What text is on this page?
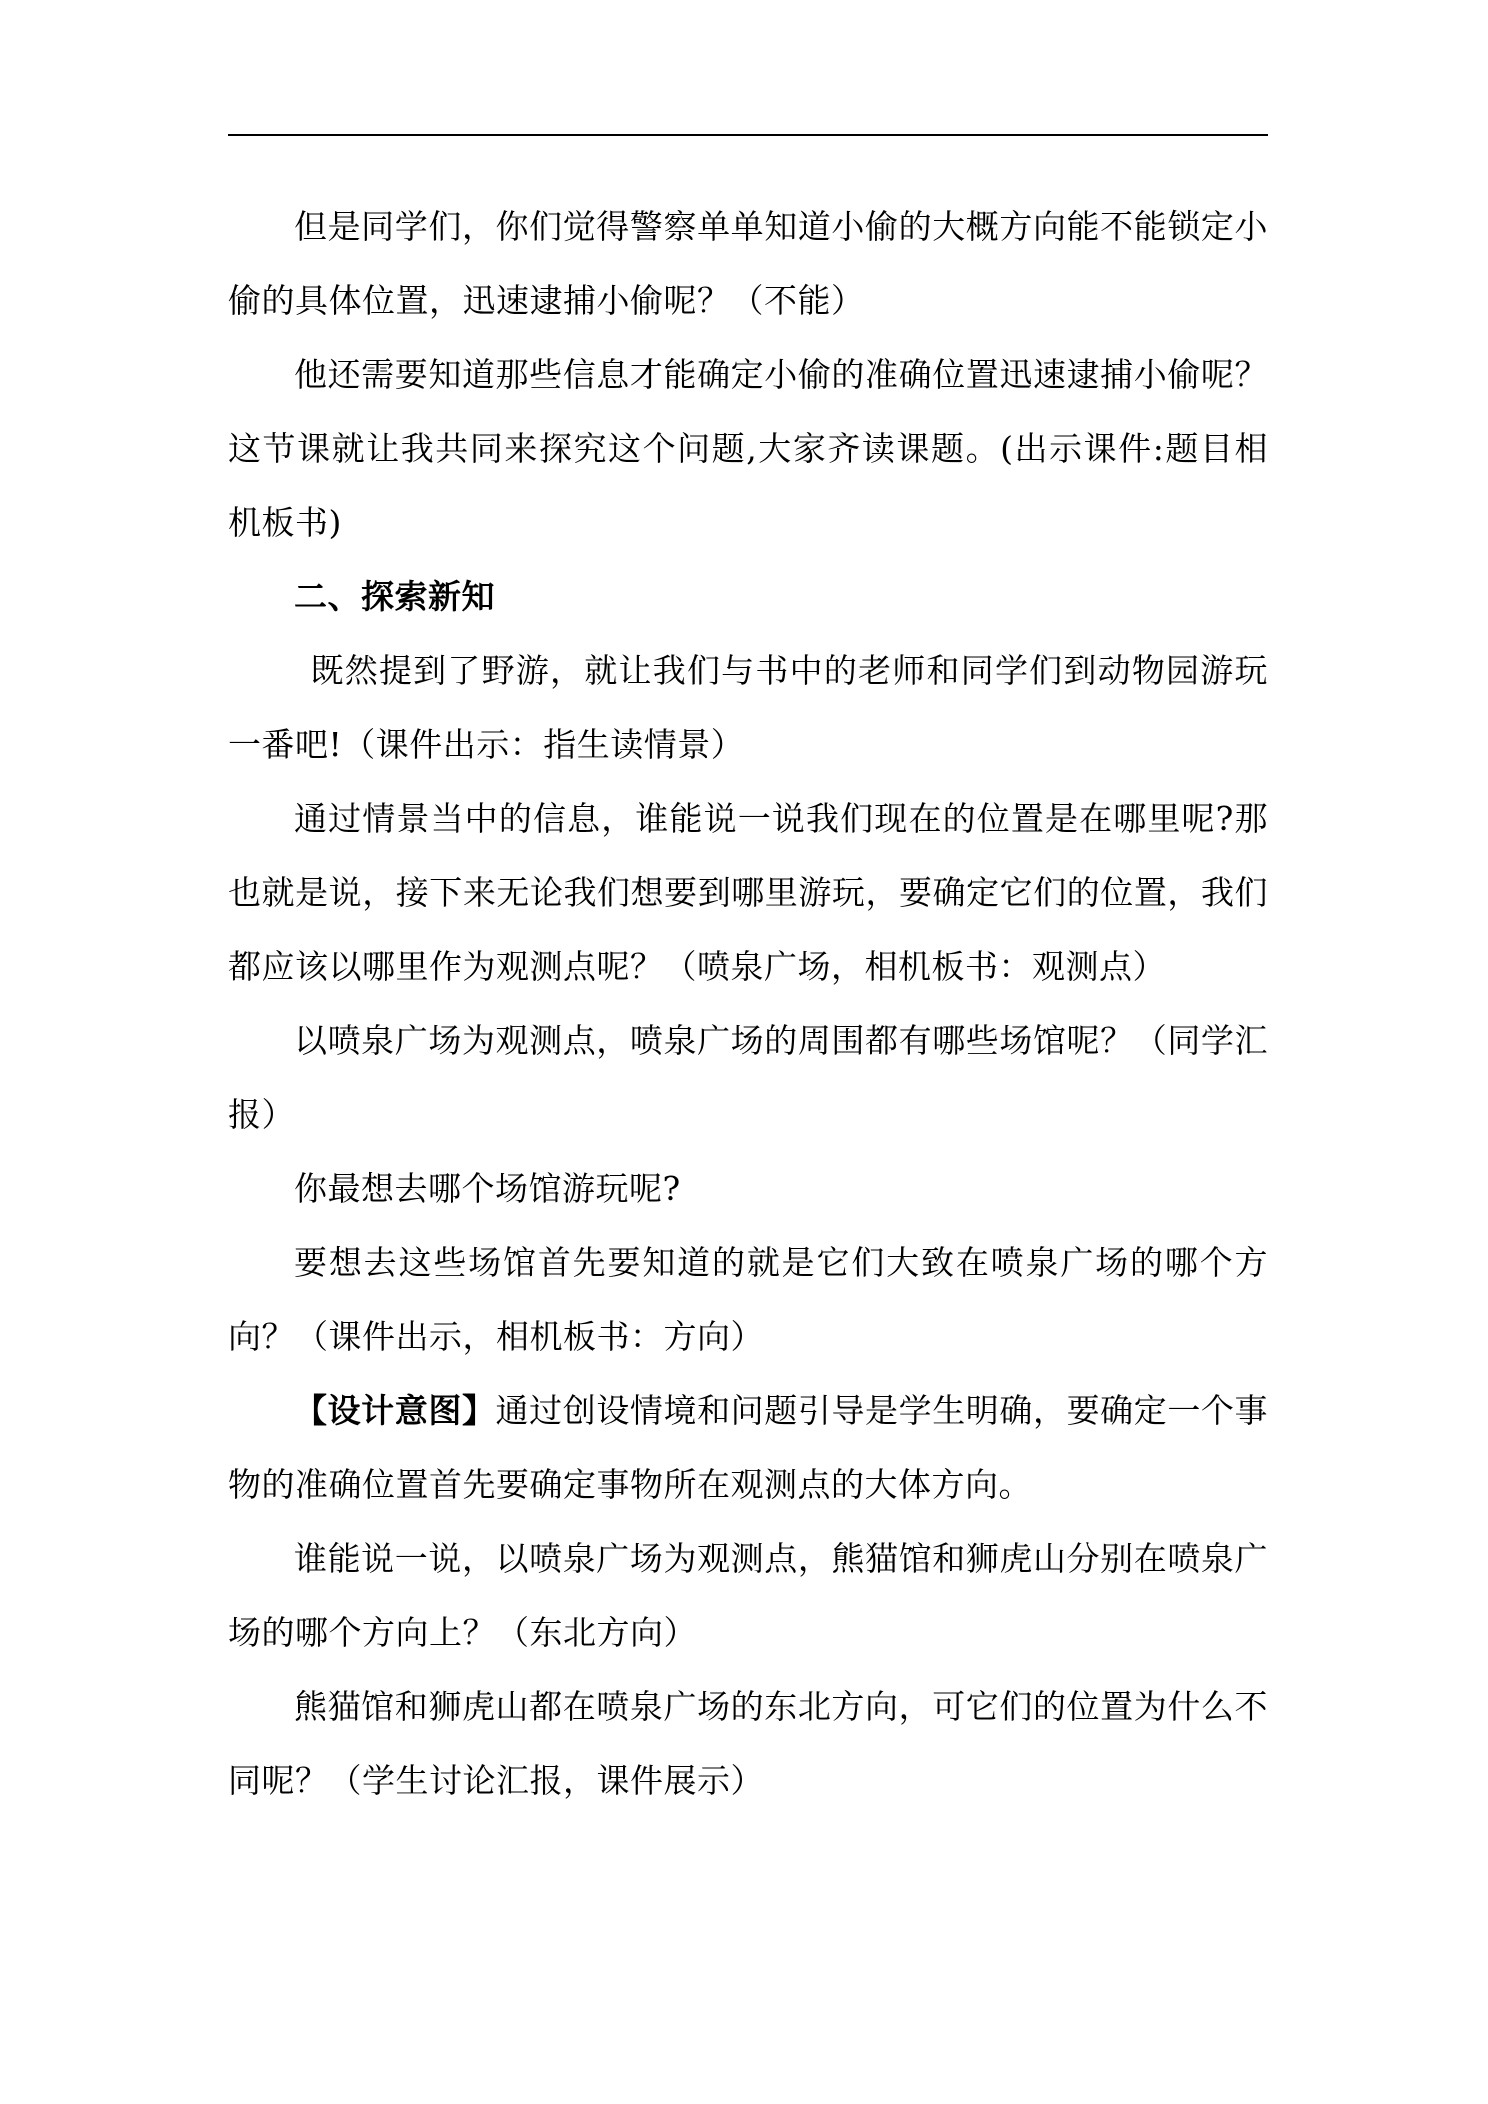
但是同学们，你们觉得警察单单知道小偷的大概方向能不能锁定小偷的具体位置，迅速逮捕小偷呢？（不能）

他还需要知道那些信息才能确定小偷的准确位置迅速逮捕小偷呢？这节课就让我共同来探究这个问题,大家齐读课题。(出示课件:题目相机板书)

二、探索新知

既然提到了野游，就让我们与书中的老师和同学们到动物园游玩一番吧!（课件出示：指生读情景）

通过情景当中的信息，谁能说一说我们现在的位置是在哪里呢?那也就是说，接下来无论我们想要到哪里游玩，要确定它们的位置，我们都应该以哪里作为观测点呢？（喷泉广场，相机板书：观测点）

以喷泉广场为观测点，喷泉广场的周围都有哪些场馆呢？（同学汇报）

你最想去哪个场馆游玩呢?

要想去这些场馆首先要知道的就是它们大致在喷泉广场的哪个方向？（课件出示，相机板书：方向）

【设计意图】通过创设情境和问题引导是学生明确，要确定一个事物的准确位置首先要确定事物所在观测点的大体方向。

谁能说一说，以喷泉广场为观测点，熊猫馆和狮虎山分别在喷泉广场的哪个方向上？（东北方向）

熊猫馆和狮虎山都在喷泉广场的东北方向，可它们的位置为什么不同呢？（学生讨论汇报，课件展示）
